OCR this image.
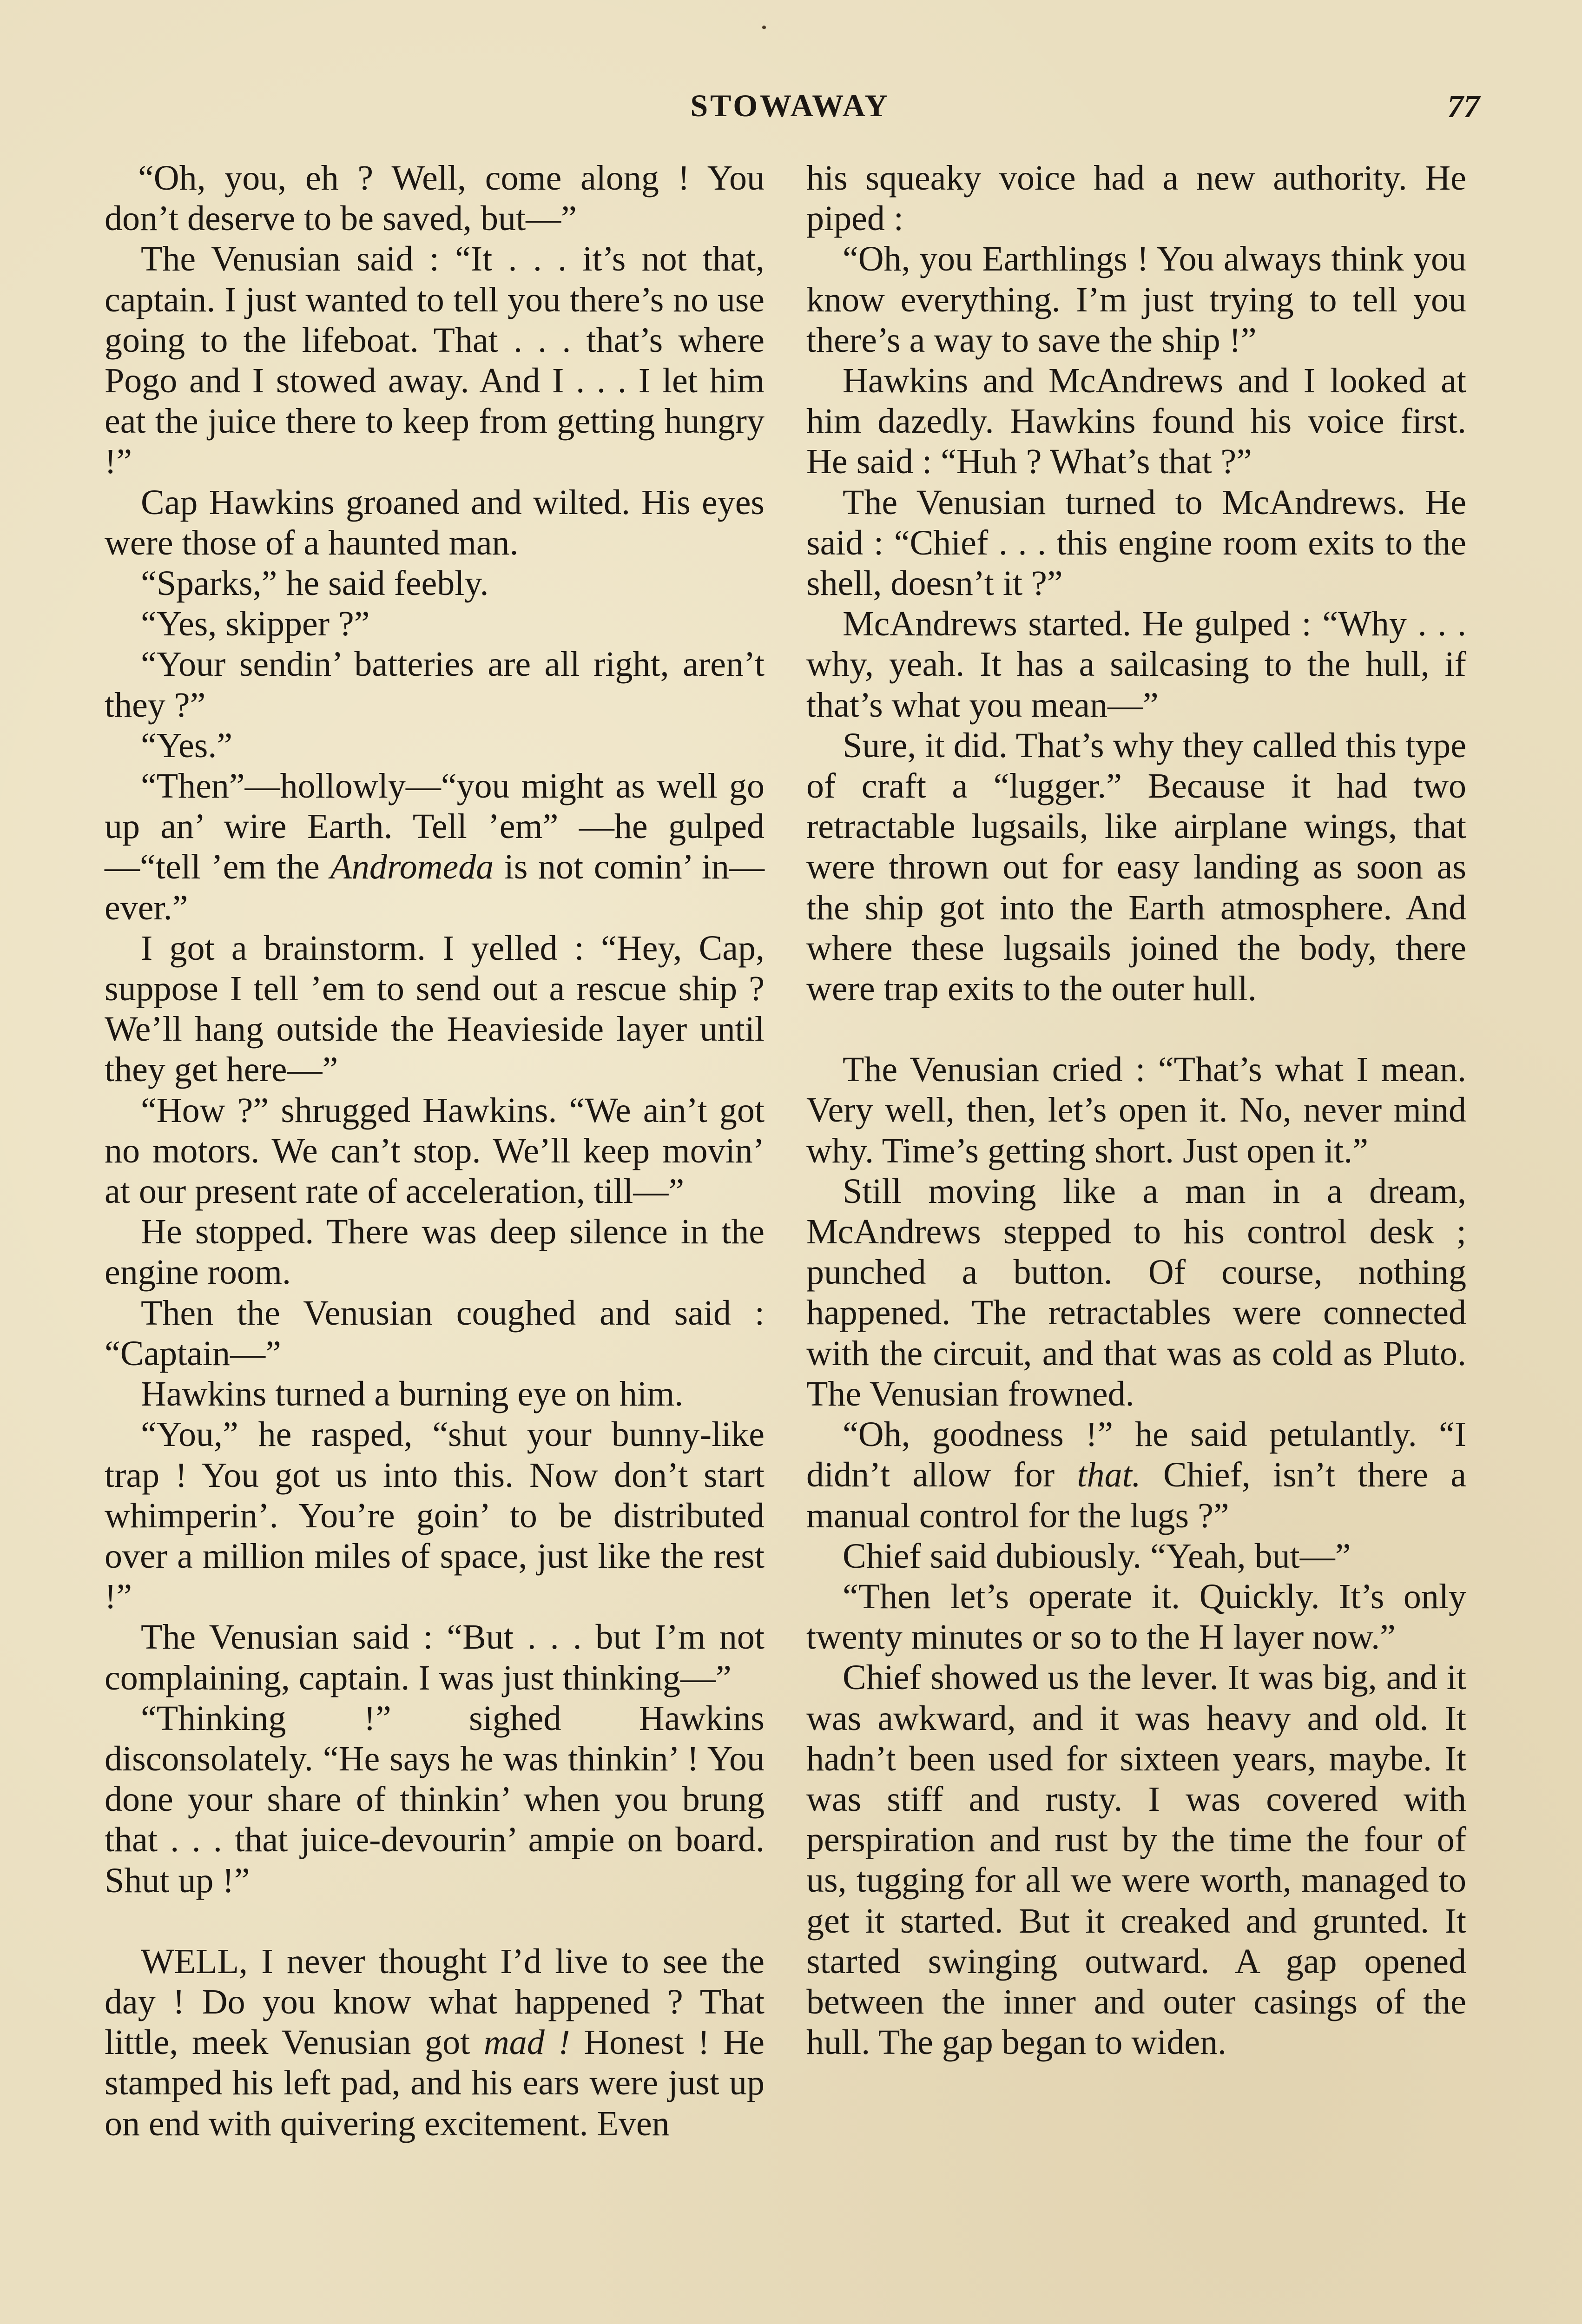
STOWAWAY	77

“Oh, you, eh ? Well, come along ! You don’t deserve to be saved, but—”

The Venusian said : “It . . . it’s not that, captain. I just wanted to tell you there’s no use going to the lifeboat. That . . . that’s where Pogo and I stowed away. And I . . . I let him eat the juice there to keep from getting hungry !”

Cap Hawkins groaned and wilted. His eyes were those of a haunted man.

“Sparks,” he said feebly.

“Yes, skipper ?”

“Your sendin’ batteries are all right, aren’t they ?”

“Yes.”

“Then”—hollowly—“you might as well go up an’ wire Earth. Tell ’em” —he gulped—“tell ’em the Andromeda is not comin’ in—ever.”

I got a brainstorm. I yelled : “Hey, Cap, suppose I tell ’em to send out a rescue ship ? We’ll hang outside the Heavieside layer until they get here—”

“How ?” shrugged Hawkins. “We ain’t got no motors. We can’t stop. We’ll keep movin’ at our present rate of acceleration, till—”

He stopped. There was deep silence in the engine room.

Then the Venusian coughed and said : “Captain—”

Hawkins turned a burning eye on him.

“You,” he rasped, “shut your bunny-like trap ! You got us into this. Now don’t start whimperin’. You’re goin’ to be distributed over a million miles of space, just like the rest !”

The Venusian said : “But . . . but I’m not complaining, captain. I was just thinking—”

“Thinking !” sighed Hawkins disconsolately. “He says he was thinkin’ ! You done your share of thinkin’ when you brung that . . . that juice-devourin’ ampie on board. Shut up !”

WELL, I never thought I’d live to see the day ! Do you know what happened ? That little, meek Venusian got mad ! Honest ! He stamped his left pad, and his ears were just up on end with quivering excitement. Even

his squeaky voice had a new authority. He piped :

“Oh, you Earthlings ! You always think you know everything. I’m just trying to tell you there’s a way to save the ship !”

Hawkins and McAndrews and I looked at him dazedly. Hawkins found his voice first. He said : “Huh ? What’s that ?”

The Venusian turned to McAndrews. He said : “Chief . . . this engine room exits to the shell, doesn’t it ?”

McAndrews started. He gulped : “Why . . . why, yeah. It has a sailcasing to the hull, if that’s what you mean—”

Sure, it did. That’s why they called this type of craft a “lugger.” Because it had two retractable lugsails, like airplane wings, that were thrown out for easy landing as soon as the ship got into the Earth atmosphere. And where these lugsails joined the body, there were trap exits to the outer hull.

The Venusian cried : “That’s what I mean. Very well, then, let’s open it. No, never mind why. Time’s getting short. Just open it.”

Still moving like a man in a dream, McAndrews stepped to his control desk ; punched a button. Of course, nothing happened. The retractables were connected with the circuit, and that was as cold as Pluto. The Venusian frowned.

“Oh, goodness !” he said petulantly. “I didn’t allow for that. Chief, isn’t there a manual control for the lugs ?”

Chief said dubiously. “Yeah, but—”

“Then let’s operate it. Quickly. It’s only twenty minutes or so to the H layer now.”

Chief showed us the lever. It was big, and it was awkward, and it was heavy and old. It hadn’t been used for sixteen years, maybe. It was stiff and rusty. I was covered with perspiration and rust by the time the four of us, tugging for all we were worth, managed to get it started. But it creaked and grunted. It started swinging outward. A gap opened between the inner and outer casings of the hull. The gap began to widen.
